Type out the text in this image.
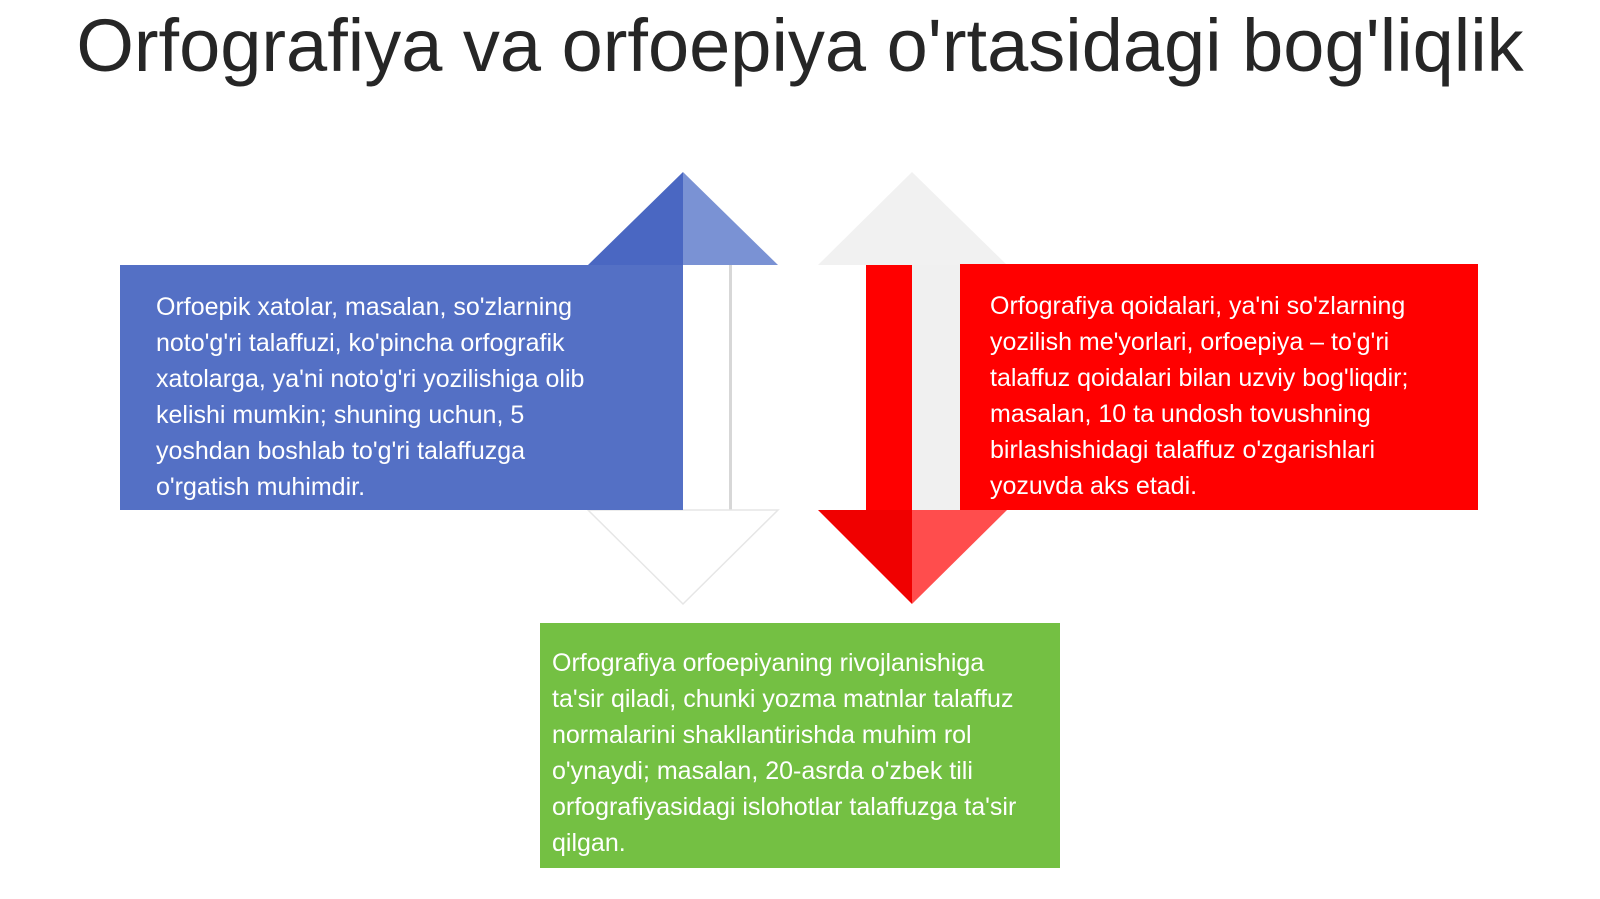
Orfografiya va orfoepiya o'rtasidagi bog'liqlik
Orfoepik xatolar, masalan, so'zlarning noto'g'ri talaffuzi, ko'pincha orfografik xatolarga, ya'ni noto'g'ri yozilishiga olib kelishi mumkin; shuning uchun, 5 yoshdan boshlab to'g'ri talaffuzga o'rgatish muhimdir.
Orfografiya qoidalari, ya'ni so'zlarning yozilish me'yorlari, orfoepiya – to'g'ri talaffuz qoidalari bilan uzviy bog'liqdir; masalan, 10 ta undosh tovushning birlashishidagi talaffuz o'zgarishlari yozuvda aks etadi.
Orfografiya orfoepiyaning rivojlanishiga ta'sir qiladi, chunki yozma matnlar talaffuz normalarini shakllantirishda muhim rol o'ynaydi; masalan, 20-asrda o'zbek tili orfografiyasidagi islohotlar talaffuzga ta'sir qilgan.
